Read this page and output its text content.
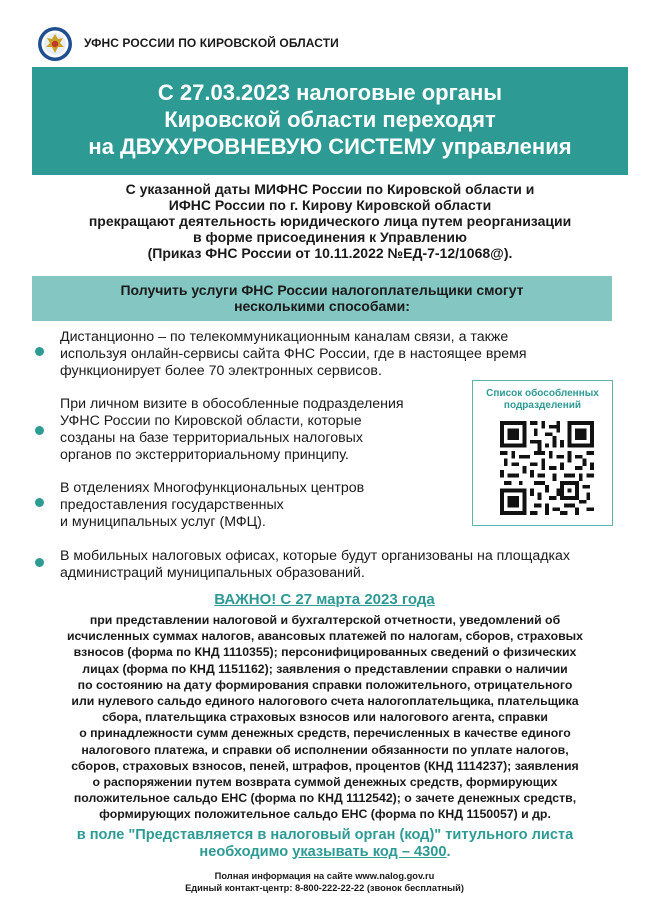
УФНС РОССИИ ПО КИРОВСКОЙ ОБЛАСТИ
С 27.03.2023 налоговые органы
Кировской области переходят
на ДВУХУРОВНЕВУЮ СИСТЕМУ управления
С указанной даты МИФНС России по Кировской области и
ИФНС России по г. Кирову Кировской области
прекращают деятельность юридического лица путем реорганизации
в форме присоединения к Управлению
(Приказ ФНС России от 10.11.2022 №ЕД-7-12/1068@).
Получить услуги ФНС России налогоплательщики смогут
несколькими способами:
Дистанционно – по телекоммуникационным каналам связи, а также
используя онлайн-сервисы сайта ФНС России, где в настоящее время
функционирует более 70 электронных сервисов.
При личном визите в обособленные подразделения
УФНС России по Кировской области, которые
созданы на базе территориальных налоговых
органов по экстерриториальному принципу.
В отделениях Многофункциональных центров
предоставления государственных
и муниципальных услуг (МФЦ).
В мобильных налоговых офисах, которые будут организованы на площадках
администраций муниципальных образований.
Список обособленных
подразделений
ВАЖНО! С 27 марта 2023 года
при представлении налоговой и бухгалтерской отчетности, уведомлений об
исчисленных суммах налогов, авансовых платежей по налогам, сборов, страховых
взносов (форма по КНД 1110355); персонифицированных сведений о физических
лицах (форма по КНД 1151162); заявления о представлении справки о наличии
по состоянию на дату формирования справки положительного, отрицательного
или нулевого сальдо единого налогового счета налогоплательщика, плательщика
сбора, плательщика страховых взносов или налогового агента, справки
о принадлежности сумм денежных средств, перечисленных в качестве единого
налогового платежа, и справки об исполнении обязанности по уплате налогов,
сборов, страховых взносов, пеней, штрафов, процентов (КНД 1114237); заявления
о распоряжении путем возврата суммой денежных средств, формирующих
положительное сальдо ЕНС (форма по КНД 1112542); о зачете денежных средств,
формирующих положительное сальдо ЕНС (форма по КНД 1150057) и др.
в поле "Представляется в налоговый орган (код)" титульного листа
необходимо указывать код – 4300.
Полная информация на сайте www.nalog.gov.ru
Единый контакт-центр: 8-800-222-22-22 (звонок бесплатный)
